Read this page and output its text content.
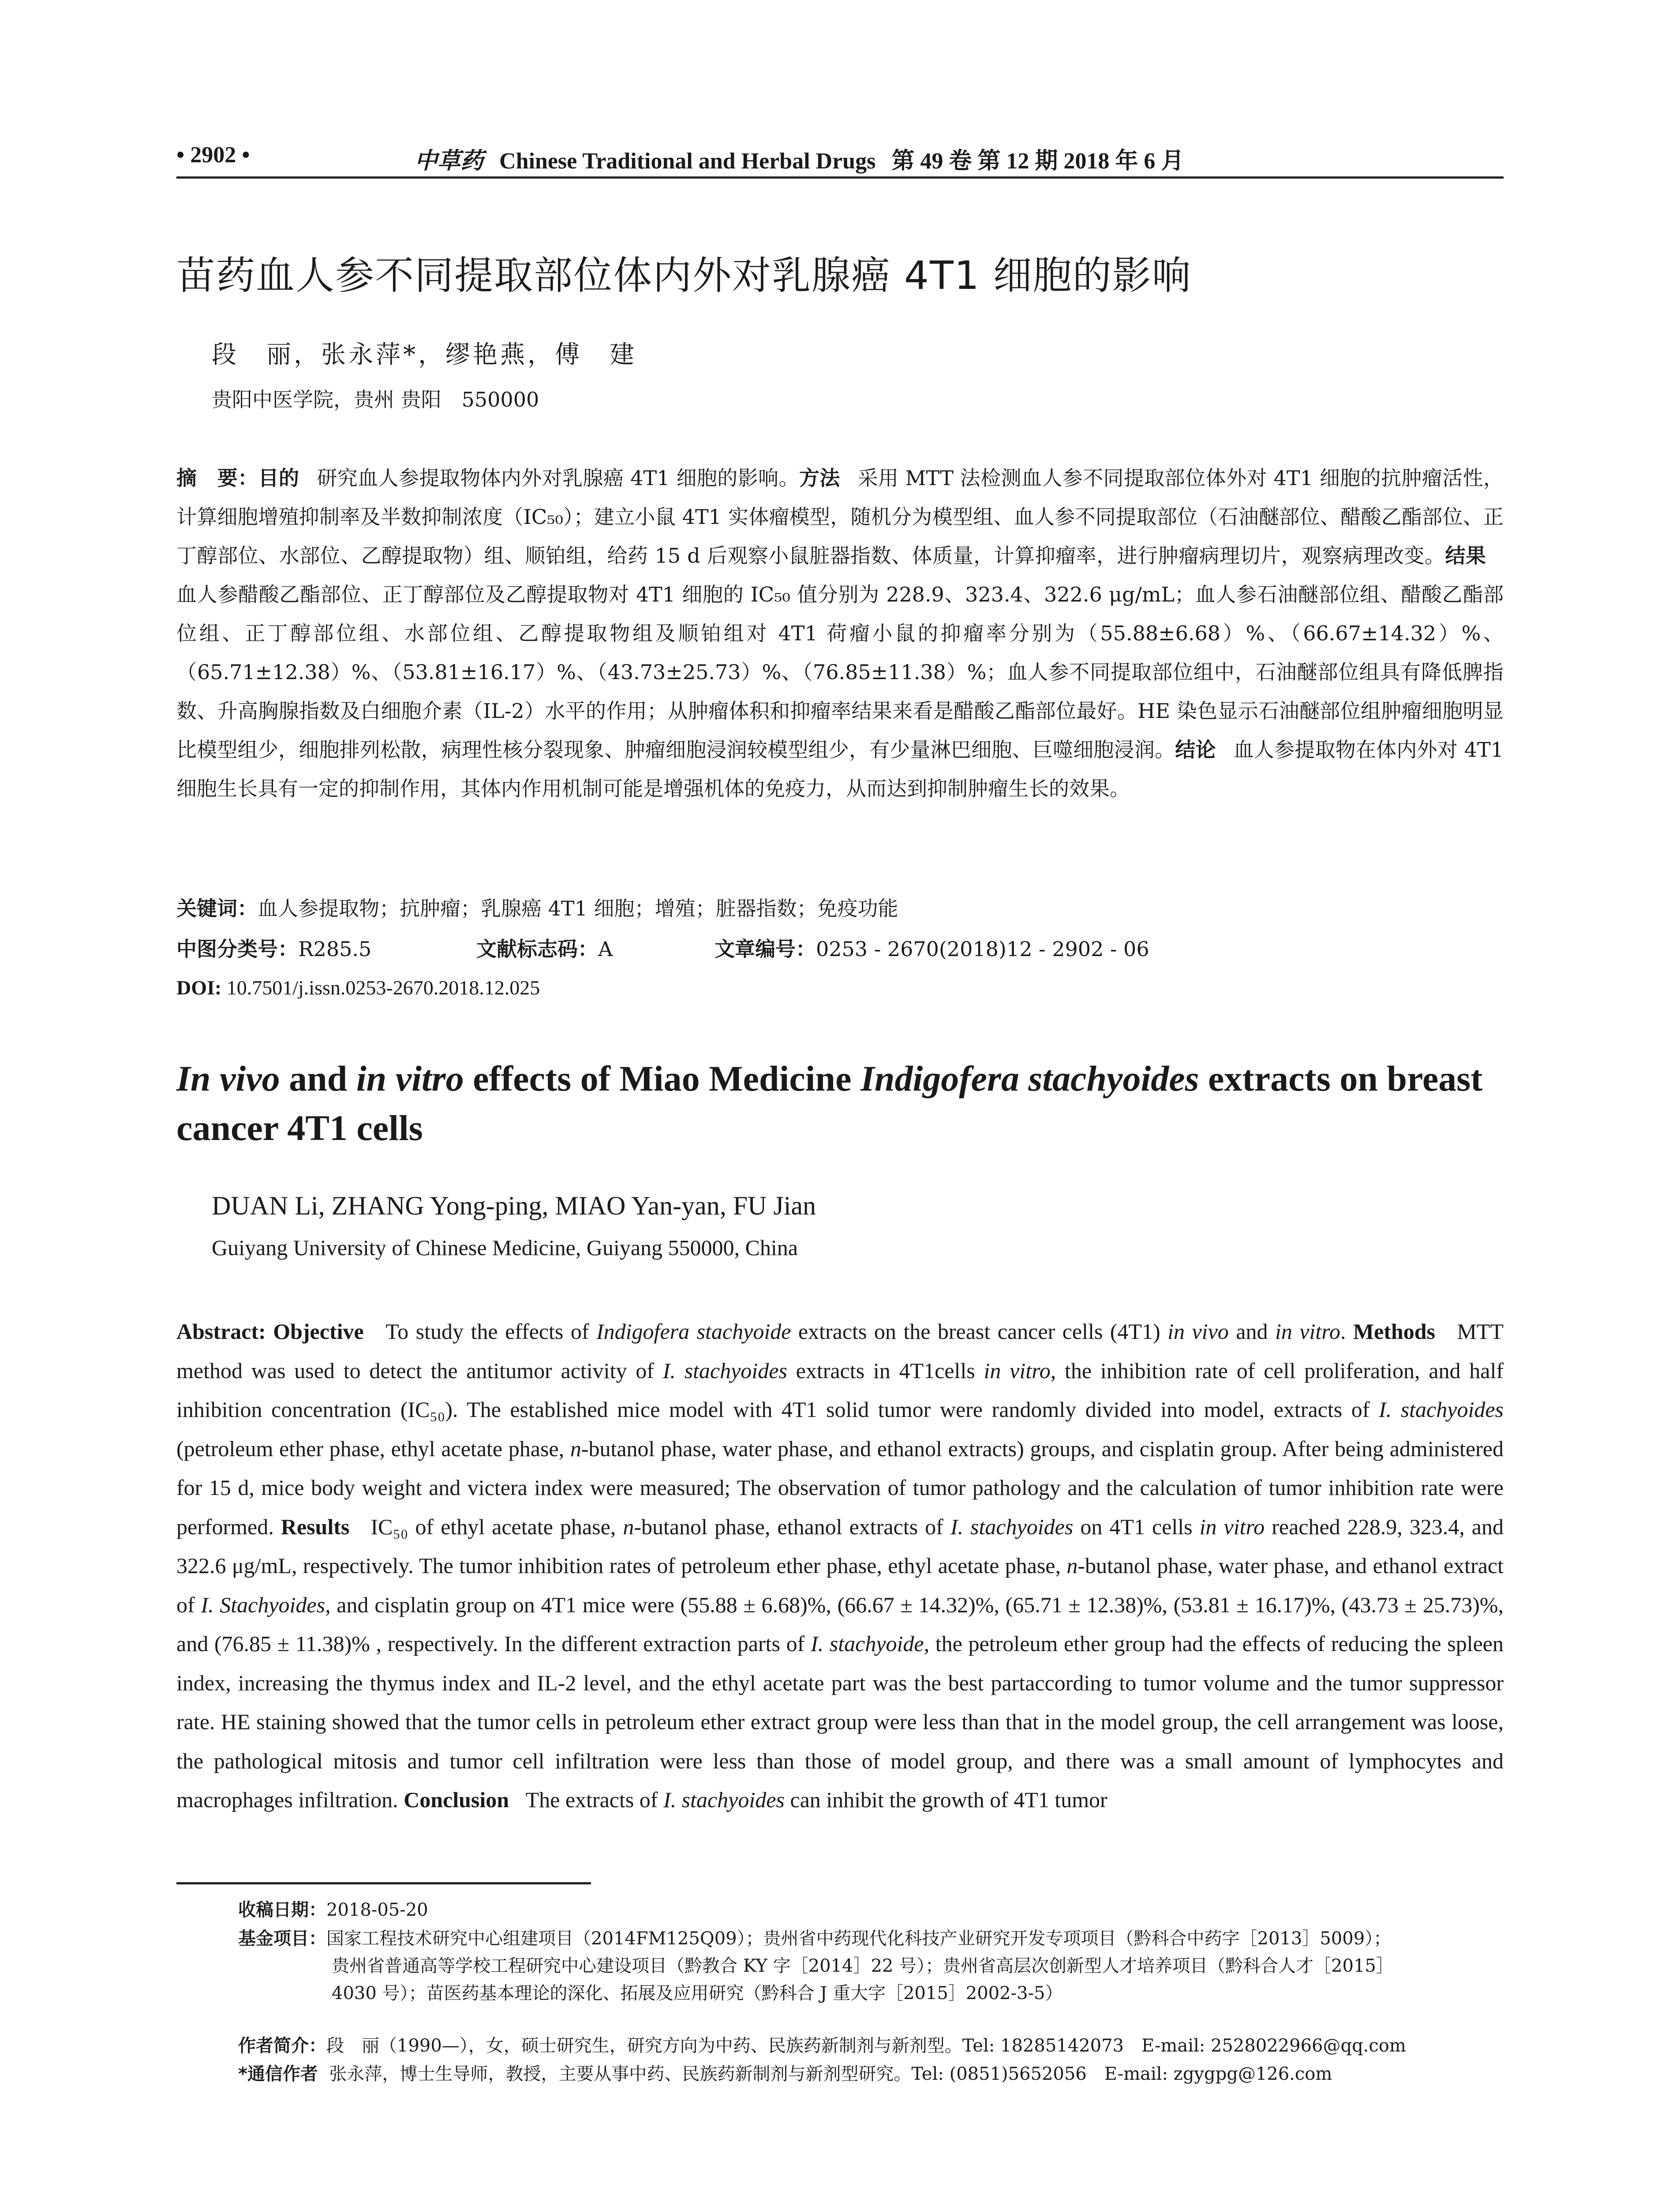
• 2902 •	中草药 Chinese Traditional and Herbal Drugs 第 49 卷 第 12 期 2018 年 6 月
苗药血人参不同提取部位体内外对乳腺癌 4T1 细胞的影响
段　丽，张永萍*，缪艳燕，傅　建
贵阳中医学院，贵州 贵阳　550000
摘　要：目的 研究血人参提取物体内外对乳腺癌 4T1 细胞的影响。方法 采用 MTT 法检测血人参不同提取部位体外对 4T1 细胞的抗肿瘤活性，计算细胞增殖抑制率及半数抑制浓度（IC₅₀）；建立小鼠 4T1 实体瘤模型，随机分为模型组、血人参不同提取部位（石油醚部位、醋酸乙酯部位、正丁醇部位、水部位、乙醇提取物）组、顺铂组，给药 15 d 后观察小鼠脏器指数、体质量，计算抑瘤率，进行肿瘤病理切片，观察病理改变。结果血人参醋酸乙酯部位、正丁醇部位及乙醇提取物对 4T1 细胞的 IC₅₀ 值分别为 228.9、323.4、322.6 μg/mL；血人参石油醚部位组、醋酸乙酯部位组、正丁醇部位组、水部位组、乙醇提取物组及顺铂组对 4T1 荷瘤小鼠的抑瘤率分别为（55.88±6.68）%、（66.67±14.32）%、（65.71±12.38）%、（53.81±16.17）%、（43.73±25.73）%、（76.85±11.38）%；血人参不同提取部位组中，石油醚部位组具有降低脾指数、升高胸腺指数及白细胞介素（IL-2）水平的作用；从肿瘤体积和抑瘤率结果来看是醋酸乙酯部位最好。HE 染色显示石油醚部位组肿瘤细胞明显比模型组少，细胞排列松散，病理性核分裂现象、肿瘤细胞浸润较模型组少，有少量淋巴细胞、巨噬细胞浸润。结论 血人参提取物在体内外对 4T1 细胞生长具有一定的抑制作用，其体内作用机制可能是增强机体的免疫力，从而达到抑制肿瘤生长的效果。
关键词：血人参提取物；抗肿瘤；乳腺癌 4T1 细胞；增殖；脏器指数；免疫功能
中图分类号：R285.5	文献标志码：A	文章编号：0253 - 2670(2018)12 - 2902 - 06
DOI: 10.7501/j.issn.0253-2670.2018.12.025
In vivo and in vitro effects of Miao Medicine Indigofera stachyoides extracts on breast cancer 4T1 cells
DUAN Li, ZHANG Yong-ping, MIAO Yan-yan, FU Jian
Guiyang University of Chinese Medicine, Guiyang 550000, China
Abstract: Objective To study the effects of Indigofera stachyoide extracts on the breast cancer cells (4T1) in vivo and in vitro. Methods MTT method was used to detect the antitumor activity of I. stachyoides extracts in 4T1cells in vitro, the inhibition rate of cell proliferation, and half inhibition concentration (IC₅₀). The established mice model with 4T1 solid tumor were randomly divided into model, extracts of I. stachyoides (petroleum ether phase, ethyl acetate phase, n-butanol phase, water phase, and ethanol extracts) groups, and cisplatin group. After being administered for 15 d, mice body weight and victera index were measured; The observation of tumor pathology and the calculation of tumor inhibition rate were performed. Results IC₅₀ of ethyl acetate phase, n-butanol phase, ethanol extracts of I. stachyoides on 4T1 cells in vitro reached 228.9, 323.4, and 322.6 μg/mL, respectively. The tumor inhibition rates of petroleum ether phase, ethyl acetate phase, n-butanol phase, water phase, and ethanol extract of I. Stachyoides, and cisplatin group on 4T1 mice were (55.88 ± 6.68)%, (66.67 ± 14.32)%, (65.71 ± 12.38)%, (53.81 ± 16.17)%, (43.73 ± 25.73)%, and (76.85 ± 11.38)% , respectively. In the different extraction parts of I. stachyoide, the petroleum ether group had the effects of reducing the spleen index, increasing the thymus index and IL-2 level, and the ethyl acetate part was the best partaccording to tumor volume and the tumor suppressor rate. HE staining showed that the tumor cells in petroleum ether extract group were less than that in the model group, the cell arrangement was loose, the pathological mitosis and tumor cell infiltration were less than those of model group, and there was a small amount of lymphocytes and macrophages infiltration. Conclusion The extracts of I. stachyoides can inhibit the growth of 4T1 tumor
收稿日期：2018-05-20
基金项目：国家工程技术研究中心组建项目（2014FM125Q09）；贵州省中药现代化科技产业研究开发专项项目（黔科合中药字［2013］5009）；
贵州省普通高等学校工程研究中心建设项目（黔教合 KY 字［2014］22 号）；贵州省高层次创新型人才培养项目（黔科合人才［2015］
4030 号）；苗医药基本理论的深化、拓展及应用研究（黔科合 J 重大字［2015］2002-3-5）
作者简介：段　丽（1990—），女，硕士研究生，研究方向为中药、民族药新制剂与新剂型。Tel: 18285142073　E-mail: 2528022966@qq.com
*通信作者 张永萍，博士生导师，教授，主要从事中药、民族药新制剂与新剂型研究。Tel: (0851)5652056　E-mail: zgygpg@126.com
